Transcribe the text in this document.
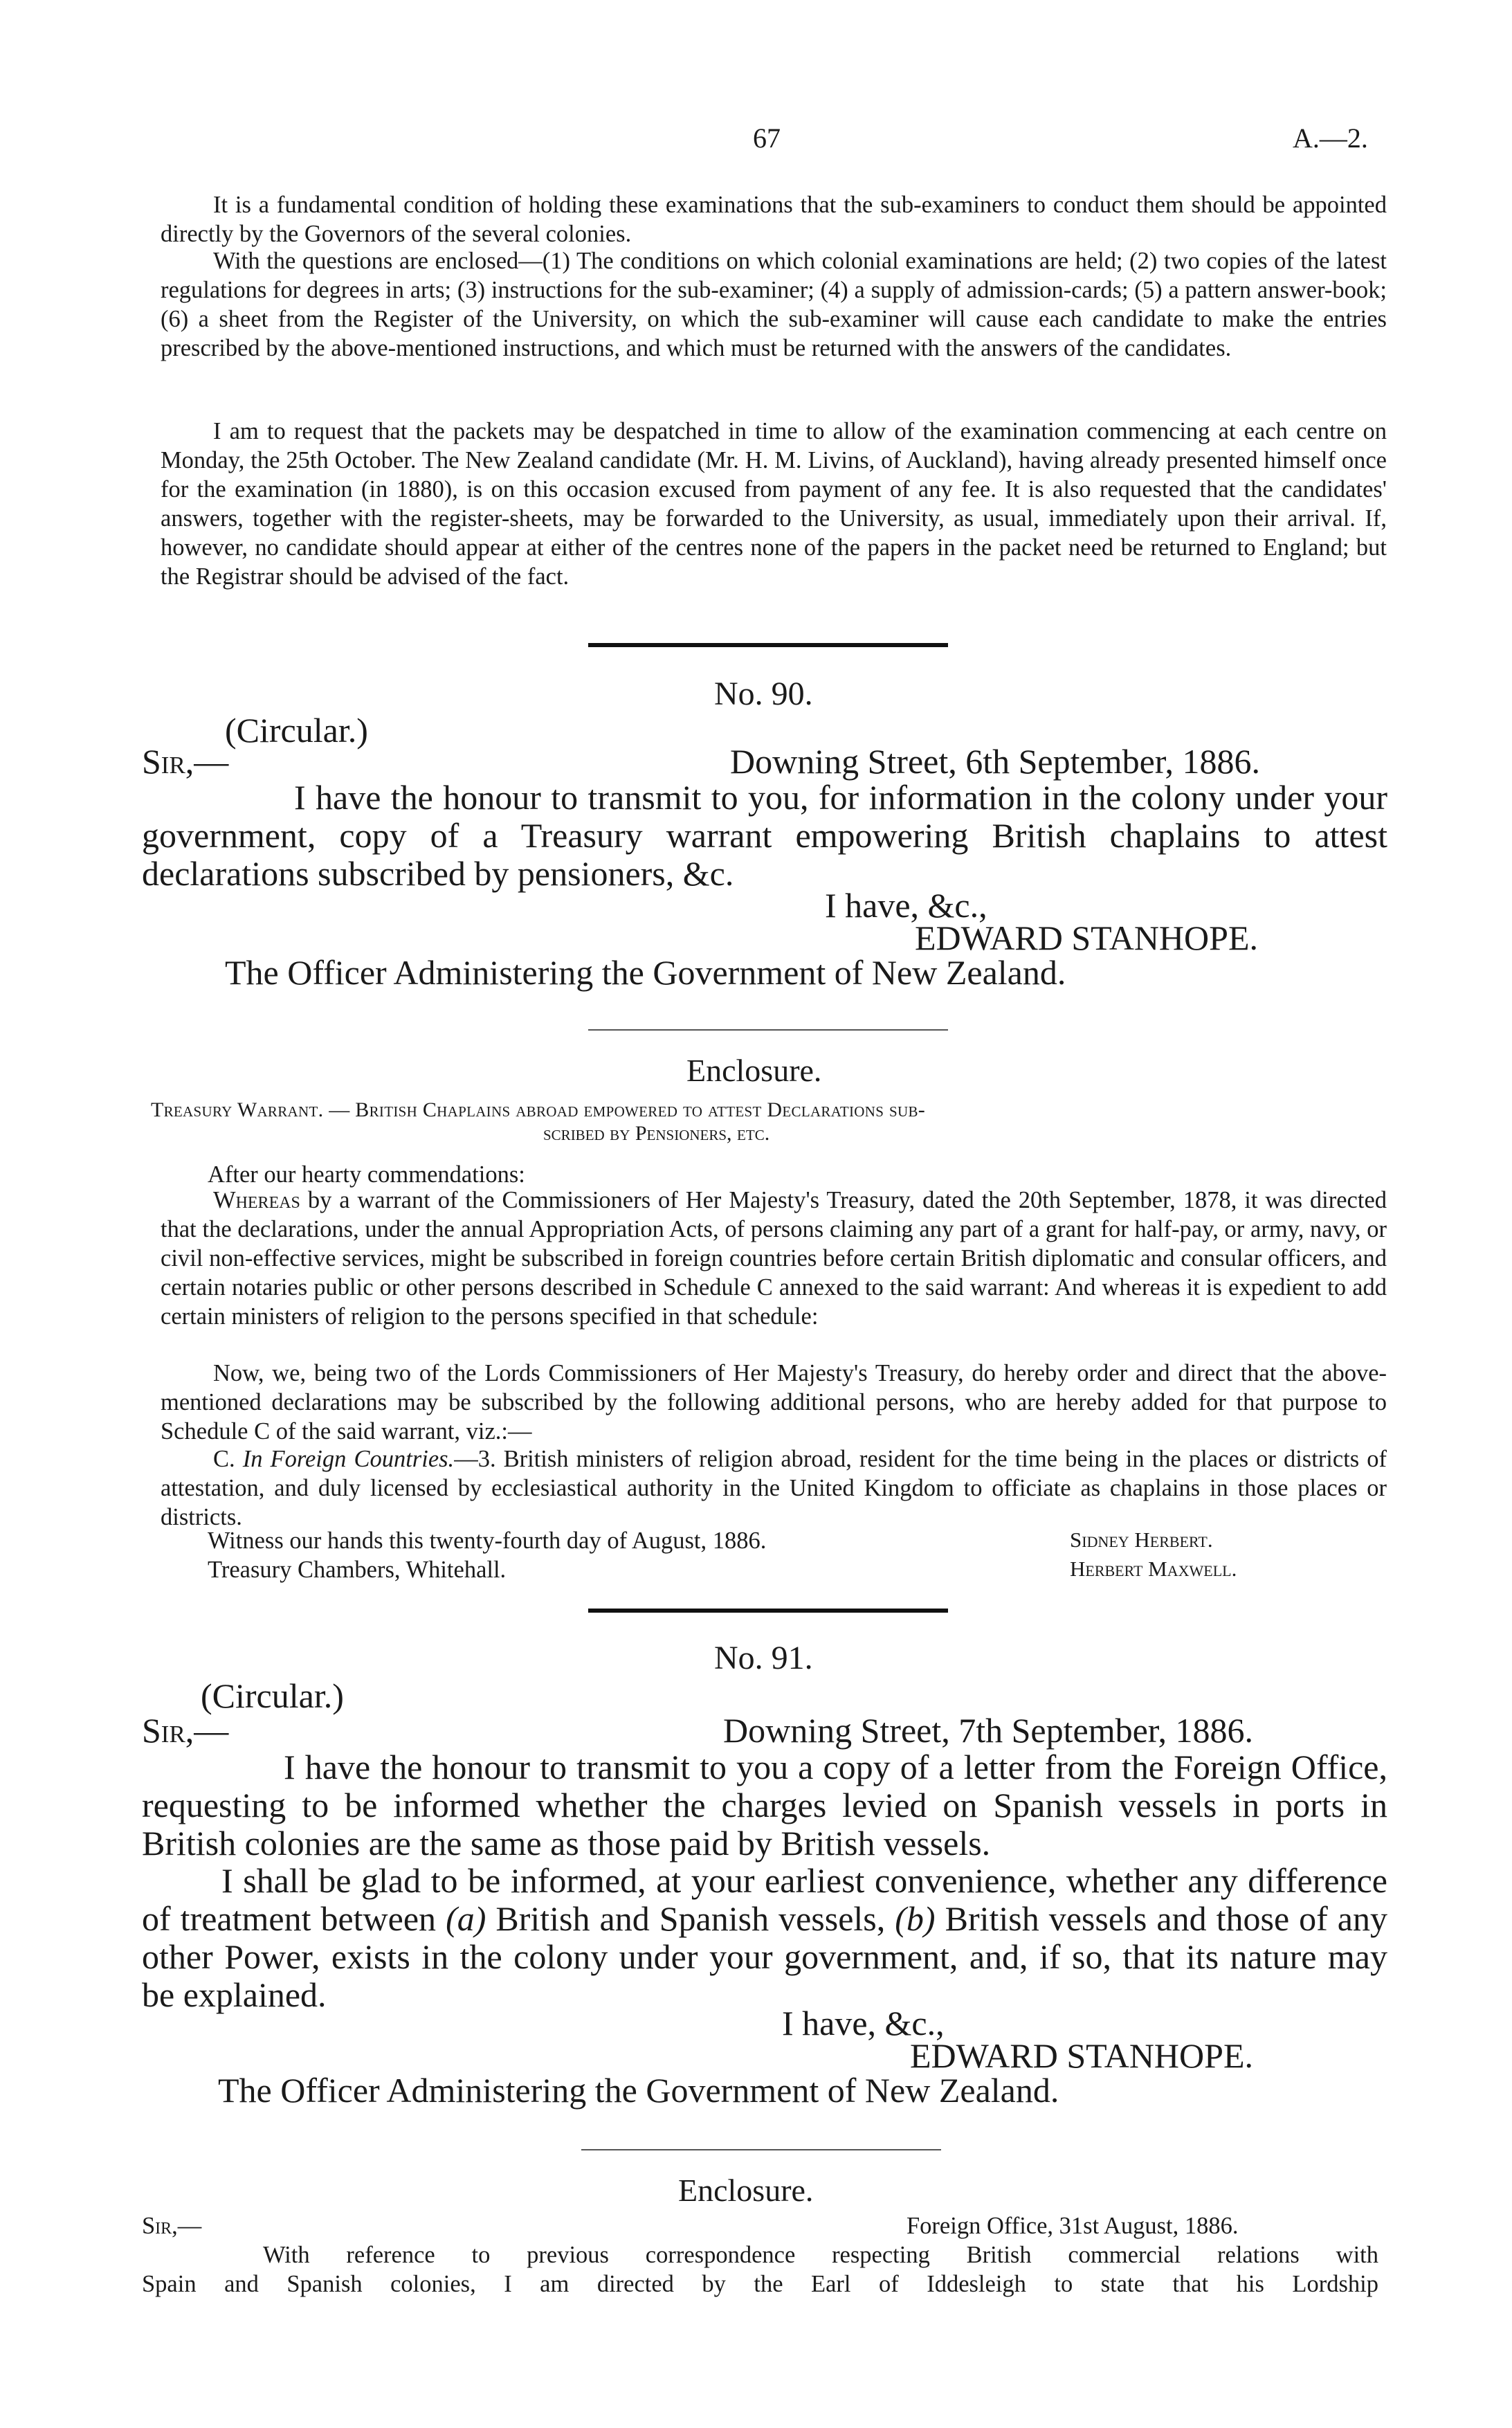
67	A.—2.
It is a fundamental condition of holding these examinations that the sub-examiners to conduct them should be appointed directly by the Governors of the several colonies.
With the questions are enclosed—(1) The conditions on which colonial examinations are held; (2) two copies of the latest regulations for degrees in arts; (3) instructions for the sub-examiner; (4) a supply of admission-cards; (5) a pattern answer-book; (6) a sheet from the Register of the University, on which the sub-examiner will cause each candidate to make the entries prescribed by the above-mentioned instructions, and which must be returned with the answers of the candidates.
I am to request that the packets may be despatched in time to allow of the examination commencing at each centre on Monday, the 25th October. The New Zealand candidate (Mr. H. M. Livins, of Auckland), having already presented himself once for the examination (in 1880), is on this occasion excused from payment of any fee. It is also requested that the candidates' answers, together with the register-sheets, may be forwarded to the University, as usual, immediately upon their arrival. If, however, no candidate should appear at either of the centres none of the papers in the packet need be returned to England; but the Registrar should be advised of the fact.
No. 90.
(Circular.)
Sir,—	Downing Street, 6th September, 1886.
I have the honour to transmit to you, for information in the colony under your government, copy of a Treasury warrant empowering British chaplains to attest declarations subscribed by pensioners, &c.
I have, &c.,
EDWARD STANHOPE.
The Officer Administering the Government of New Zealand.
Enclosure.
Treasury Warrant. — British Chaplains abroad empowered to attest Declarations sub-
scribed by Pensioners, etc.
After our hearty commendations:
Whereas by a warrant of the Commissioners of Her Majesty's Treasury, dated the 20th September, 1878, it was directed that the declarations, under the annual Appropriation Acts, of persons claiming any part of a grant for half-pay, or army, navy, or civil non-effective services, might be subscribed in foreign countries before certain British diplomatic and consular officers, and certain notaries public or other persons described in Schedule C annexed to the said warrant: And whereas it is expedient to add certain ministers of religion to the persons specified in that schedule:
Now, we, being two of the Lords Commissioners of Her Majesty's Treasury, do hereby order and direct that the above-mentioned declarations may be subscribed by the following additional persons, who are hereby added for that purpose to Schedule C of the said warrant, viz.:—
C. In Foreign Countries.—3. British ministers of religion abroad, resident for the time being in the places or districts of attestation, and duly licensed by ecclesiastical authority in the United Kingdom to officiate as chaplains in those places or districts.
Witness our hands this twenty-fourth day of August, 1886.
Treasury Chambers, Whitehall.
Sidney Herbert.
Herbert Maxwell.
No. 91.
(Circular.)
Sir,—	Downing Street, 7th September, 1886.
I have the honour to transmit to you a copy of a letter from the Foreign Office, requesting to be informed whether the charges levied on Spanish vessels in ports in British colonies are the same as those paid by British vessels.
I shall be glad to be informed, at your earliest convenience, whether any difference of treatment between (a) British and Spanish vessels, (b) British vessels and those of any other Power, exists in the colony under your government, and, if so, that its nature may be explained.
I have, &c.,
EDWARD STANHOPE.
The Officer Administering the Government of New Zealand.
Enclosure.
Sir,—	Foreign Office, 31st August, 1886.
With reference to previous correspondence respecting British commercial relations with
Spain and Spanish colonies, I am directed by the Earl of Iddesleigh to state that his Lordship
